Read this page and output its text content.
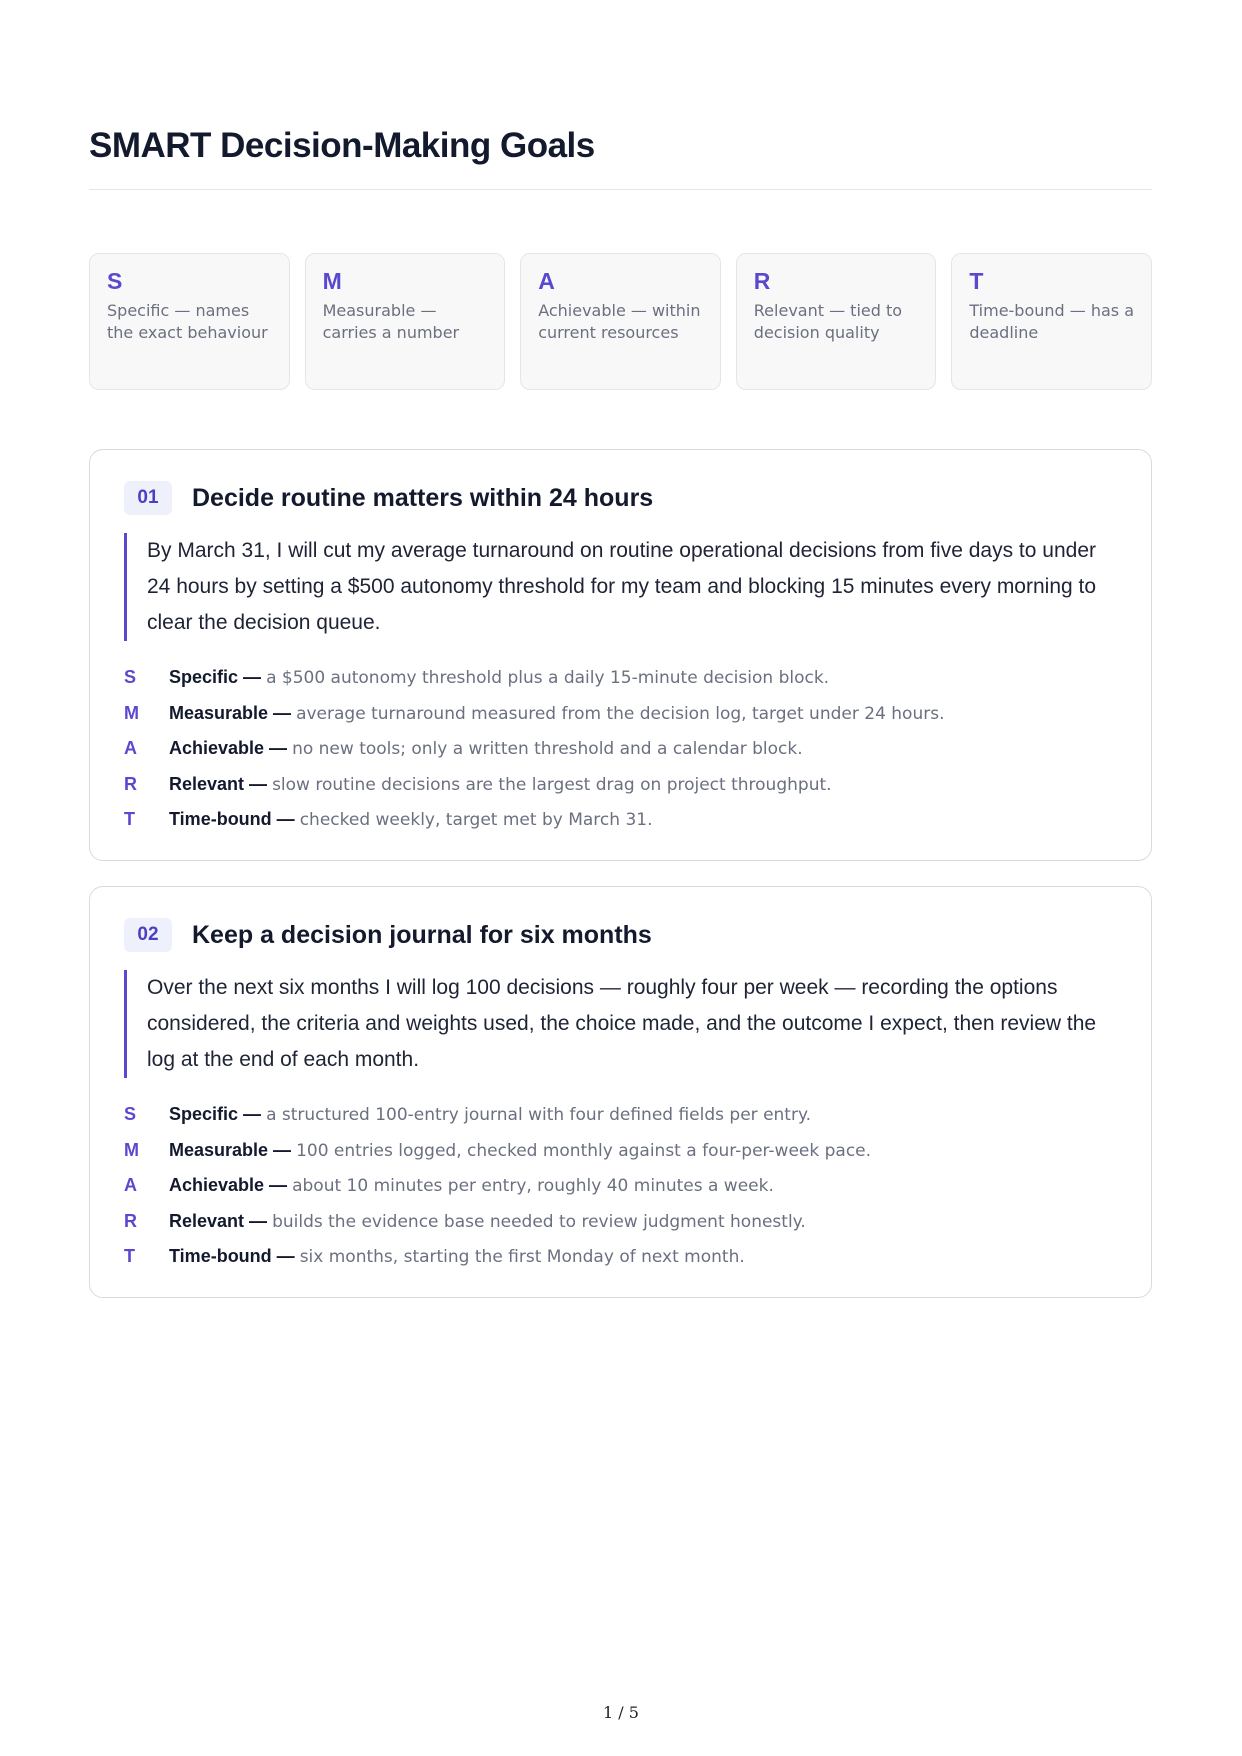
SMART Decision-Making Goals
S
Specific — names the exact behaviour
M
Measurable — carries a number
A
Achievable — within current resources
R
Relevant — tied to decision quality
T
Time-bound — has a deadline
01	Decide routine matters within 24 hours
By March 31, I will cut my average turnaround on routine operational decisions from five days to under 24 hours by setting a $500 autonomy threshold for my team and blocking 15 minutes every morning to clear the decision queue.
S Specific — a $500 autonomy threshold plus a daily 15-minute decision block.
M Measurable — average turnaround measured from the decision log, target under 24 hours.
A Achievable — no new tools; only a written threshold and a calendar block.
R Relevant — slow routine decisions are the largest drag on project throughput.
T Time-bound — checked weekly, target met by March 31.
02	Keep a decision journal for six months
Over the next six months I will log 100 decisions — roughly four per week — recording the options considered, the criteria and weights used, the choice made, and the outcome I expect, then review the log at the end of each month.
S Specific — a structured 100-entry journal with four defined fields per entry.
M Measurable — 100 entries logged, checked monthly against a four-per-week pace.
A Achievable — about 10 minutes per entry, roughly 40 minutes a week.
R Relevant — builds the evidence base needed to review judgment honestly.
T Time-bound — six months, starting the first Monday of next month.
1 / 5
